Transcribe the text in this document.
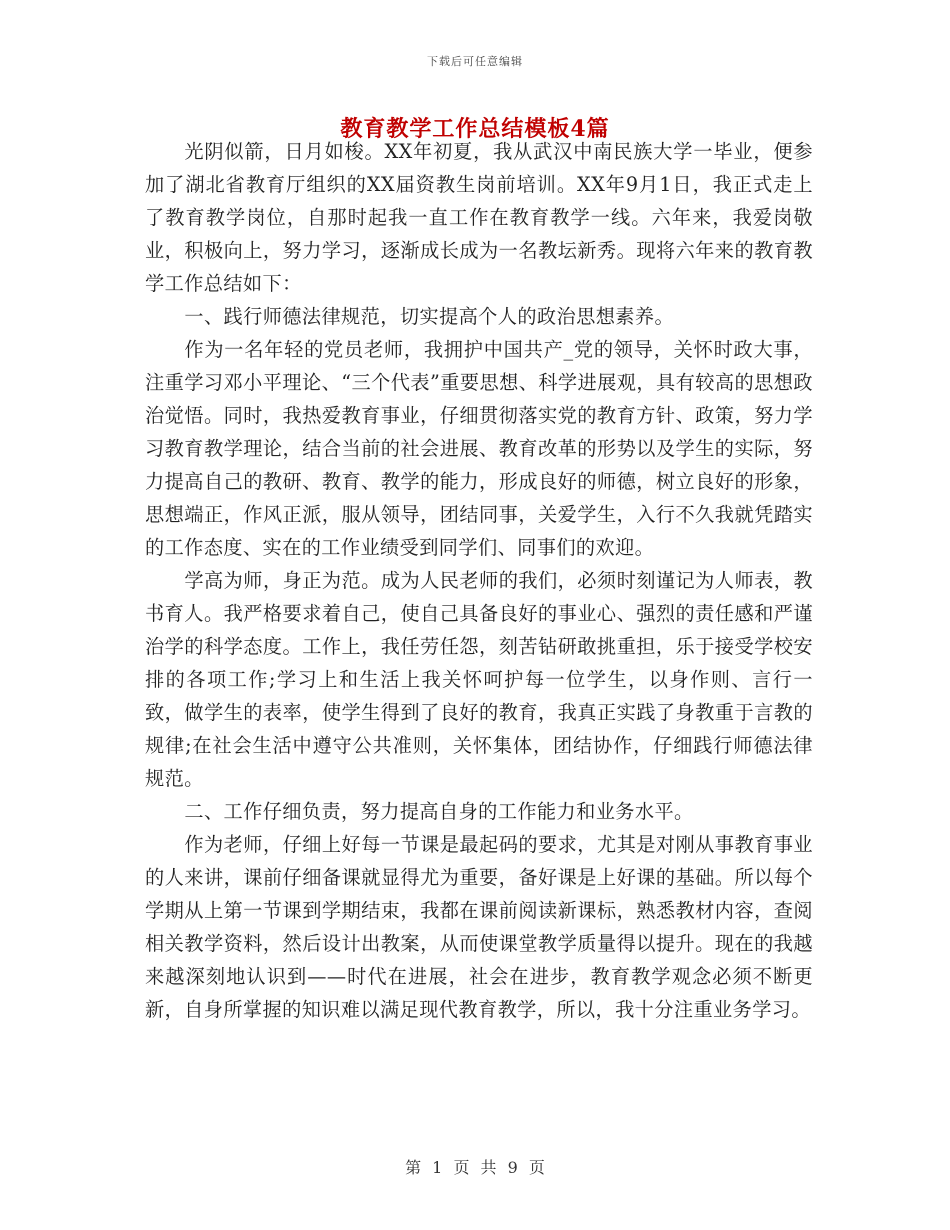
下载后可任意编辑
教育教学工作总结模板4篇

光阴似箭，日月如梭。XX年初夏，我从武汉中南民族大学一毕业，便参加了湖北省教育厅组织的XX届资教生岗前培训。XX年9月1日，我正式走上了教育教学岗位，自那时起我一直工作在教育教学一线。六年来，我爱岗敬业，积极向上，努力学习，逐渐成长成为一名教坛新秀。现将六年来的教育教学工作总结如下：

一、践行师德法律规范，切实提高个人的政治思想素养。

作为一名年轻的党员老师，我拥护中国共产_党的领导，关怀时政大事，注重学习邓小平理论、“三个代表”重要思想、科学进展观，具有较高的思想政治觉悟。同时，我热爱教育事业，仔细贯彻落实党的教育方针、政策，努力学习教育教学理论，结合当前的社会进展、教育改革的形势以及学生的实际，努力提高自己的教研、教育、教学的能力，形成良好的师德，树立良好的形象，思想端正，作风正派，服从领导，团结同事，关爱学生，入行不久我就凭踏实的工作态度、实在的工作业绩受到同学们、同事们的欢迎。

学高为师，身正为范。成为人民老师的我们，必须时刻谨记为人师表，教书育人。我严格要求着自己，使自己具备良好的事业心、强烈的责任感和严谨治学的科学态度。工作上，我任劳任怨，刻苦钻研敢挑重担，乐于接受学校安排的各项工作;学习上和生活上我关怀呵护每一位学生，以身作则、言行一致，做学生的表率，使学生得到了良好的教育，我真正实践了身教重于言教的规律;在社会生活中遵守公共准则，关怀集体，团结协作，仔细践行师德法律规范。

二、工作仔细负责，努力提高自身的工作能力和业务水平。

作为老师，仔细上好每一节课是最起码的要求，尤其是对刚从事教育事业的人来讲，课前仔细备课就显得尤为重要，备好课是上好课的基础。所以每个学期从上第一节课到学期结束，我都在课前阅读新课标，熟悉教材内容，查阅相关教学资料，然后设计出教案，从而使课堂教学质量得以提升。现在的我越来越深刻地认识到——时代在进展，社会在进步，教育教学观念必须不断更新，自身所掌握的知识难以满足现代教育教学，所以，我十分注重业务学习。

第 1 页 共 9 页
